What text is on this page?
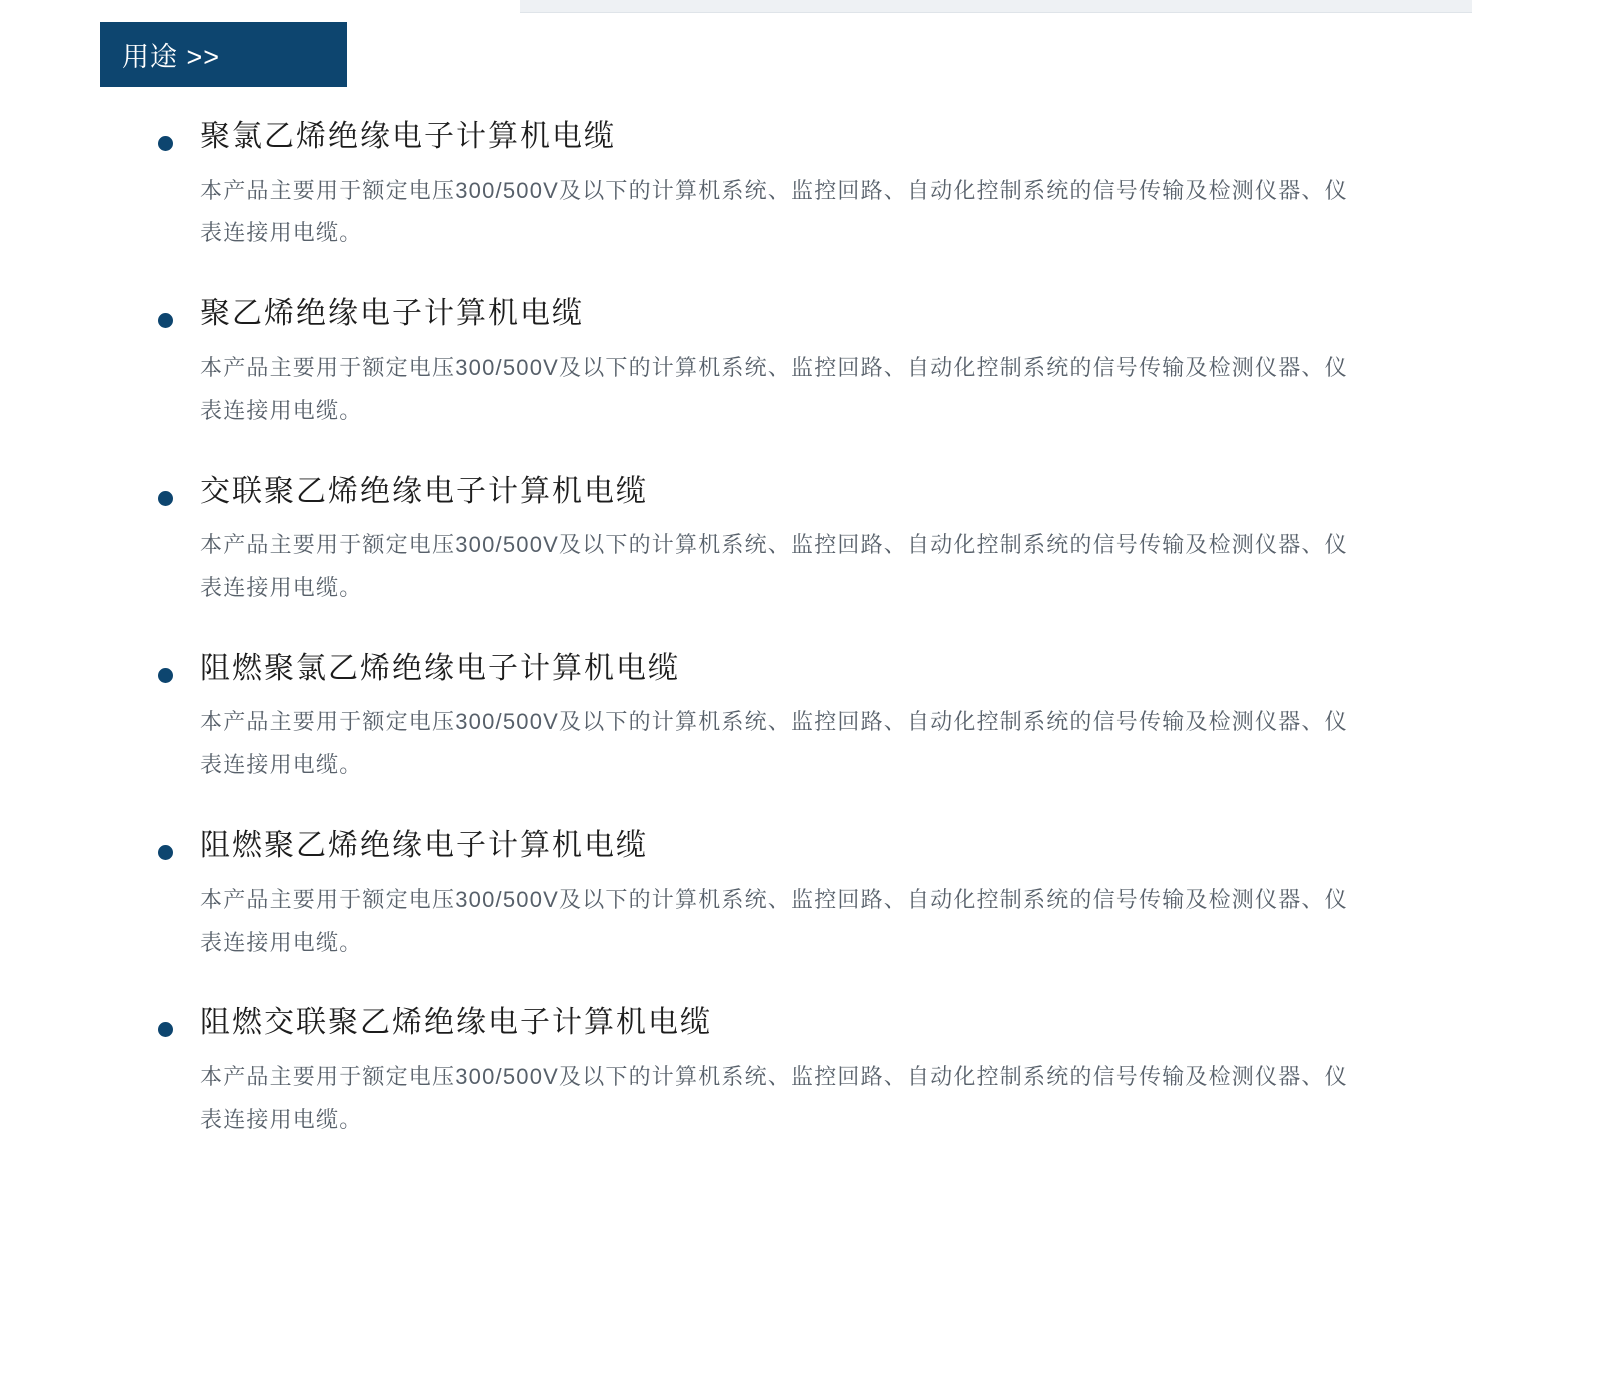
用途 >>

聚氯乙烯绝缘电子计算机电缆

本产品主要用于额定电压300/500V及以下的计算机系统、监控回路、自动化控制系统的信号传输及检测仪器、仪表连接用电缆。

聚乙烯绝缘电子计算机电缆

本产品主要用于额定电压300/500V及以下的计算机系统、监控回路、自动化控制系统的信号传输及检测仪器、仪表连接用电缆。

交联聚乙烯绝缘电子计算机电缆

本产品主要用于额定电压300/500V及以下的计算机系统、监控回路、自动化控制系统的信号传输及检测仪器、仪表连接用电缆。

阻燃聚氯乙烯绝缘电子计算机电缆

本产品主要用于额定电压300/500V及以下的计算机系统、监控回路、自动化控制系统的信号传输及检测仪器、仪表连接用电缆。

阻燃聚乙烯绝缘电子计算机电缆

本产品主要用于额定电压300/500V及以下的计算机系统、监控回路、自动化控制系统的信号传输及检测仪器、仪表连接用电缆。

阻燃交联聚乙烯绝缘电子计算机电缆

本产品主要用于额定电压300/500V及以下的计算机系统、监控回路、自动化控制系统的信号传输及检测仪器、仪表连接用电缆。
